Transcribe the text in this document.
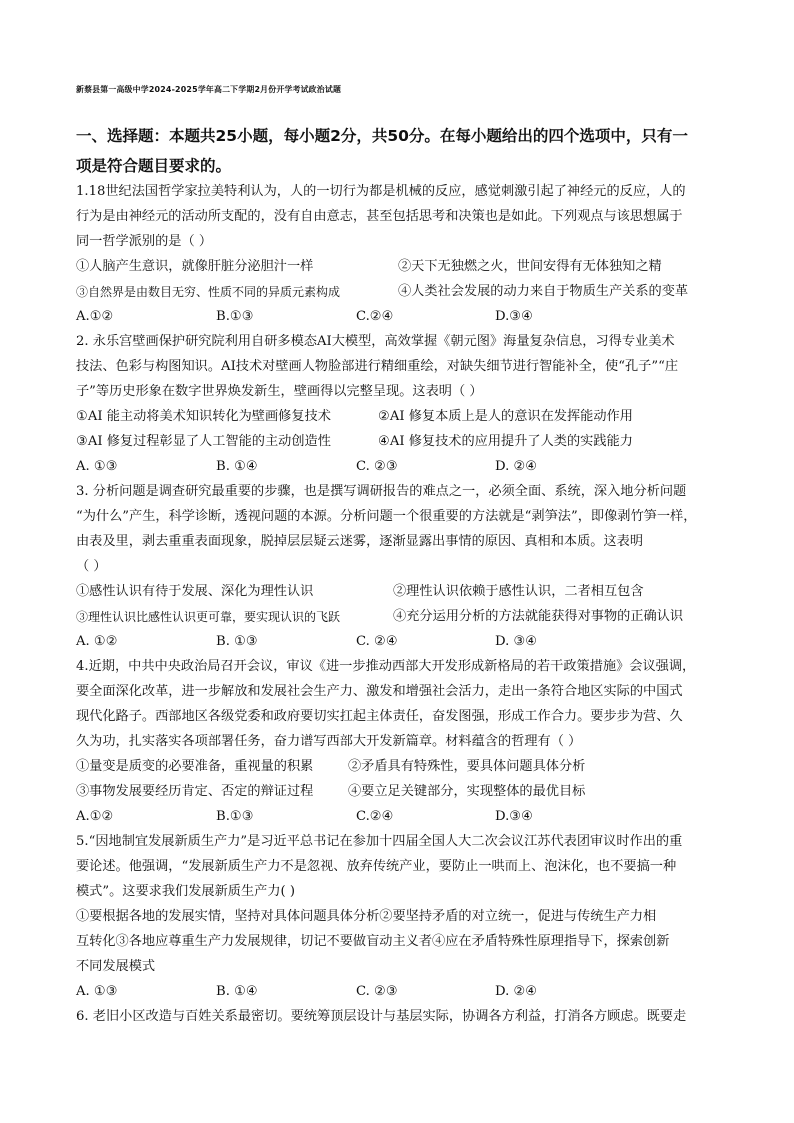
新蔡县第一高级中学2024-2025学年高二下学期2月份开学考试政治试题
一、选择题：本题共25小题，每小题2分，共50分。在每小题给出的四个选项中，只有一
项是符合题目要求的。
1.18世纪法国哲学家拉美特利认为，人的一切行为都是机械的反应，感觉刺激引起了神经元的反应，人的
行为是由神经元的活动所支配的，没有自由意志，甚至包括思考和决策也是如此。下列观点与该思想属于
同一哲学派别的是（ ）
①人脑产生意识，就像肝脏分泌胆汁一样	②天下无独燃之火，世间安得有无体独知之精
③自然界是由数目无穷、性质不同的异质元素构成	④人类社会发展的动力来自于物质生产关系的变革
A.①②	B.①③	C.②④	D.③④
2. 永乐宫壁画保护研究院利用自研多模态AI大模型，高效掌握《朝元图》海量复杂信息，习得专业美术
技法、色彩与构图知识。AI技术对壁画人物脸部进行精细重绘，对缺失细节进行智能补全，使“孔子”“庄
子”等历史形象在数字世界焕发新生，壁画得以完整呈现。这表明（ ）
①AI 能主动将美术知识转化为壁画修复技术	②AI 修复本质上是人的意识在发挥能动作用
③AI 修复过程彰显了人工智能的主动创造性	④AI 修复技术的应用提升了人类的实践能力
A. ①③	B. ①④	C. ②③	D. ②④
3. 分析问题是调查研究最重要的步骤，也是撰写调研报告的难点之一，必须全面、系统，深入地分析问题
“为什么”产生，科学诊断，透视问题的本源。分析问题一个很重要的方法就是“剥笋法”，即像剥竹笋一样，
由表及里，剥去重重表面现象，脱掉层层疑云迷雾，逐渐显露出事情的原因、真相和本质。这表明
（ ）
①感性认识有待于发展、深化为理性认识	②理性认识依赖于感性认识，二者相互包含
③理性认识比感性认识更可靠，要实现认识的飞跃	④充分运用分析的方法就能获得对事物的正确认识
A. ①②	B. ①③	C. ②④	D. ③④
4.近期，中共中央政治局召开会议，审议《进一步推动西部大开发形成新格局的若干政策措施》会议强调，
要全面深化改革，进一步解放和发展社会生产力、激发和增强社会活力，走出一条符合地区实际的中国式
现代化路子。西部地区各级党委和政府要切实扛起主体责任，奋发图强，形成工作合力。要步步为营、久
久为功，扎实落实各项部署任务，奋力谱写西部大开发新篇章。材料蕴含的哲理有（ ）
①量变是质变的必要准备，重视量的积累	②矛盾具有特殊性，要具体问题具体分析
③事物发展要经历肯定、否定的辩证过程	④要立足关键部分，实现整体的最优目标
A.①②	B.①③	C.②④	D.③④
5.“因地制宜发展新质生产力”是习近平总书记在参加十四届全国人大二次会议江苏代表团审议时作出的重
要论述。他强调，“发展新质生产力不是忽视、放弃传统产业，要防止一哄而上、泡沫化，也不要搞一种
模式”。这要求我们发展新质生产力( )
①要根据各地的发展实情，坚持对具体问题具体分析②要坚持矛盾的对立统一，促进与传统生产力相
互转化③各地应尊重生产力发展规律，切记不要做盲动主义者④应在矛盾特殊性原理指导下，探索创新
不同发展模式
A. ①③	B. ①④	C. ②③	D. ②④
6. 老旧小区改造与百姓关系最密切。要统筹顶层设计与基层实际，协调各方利益，打消各方顾虑。既要走
